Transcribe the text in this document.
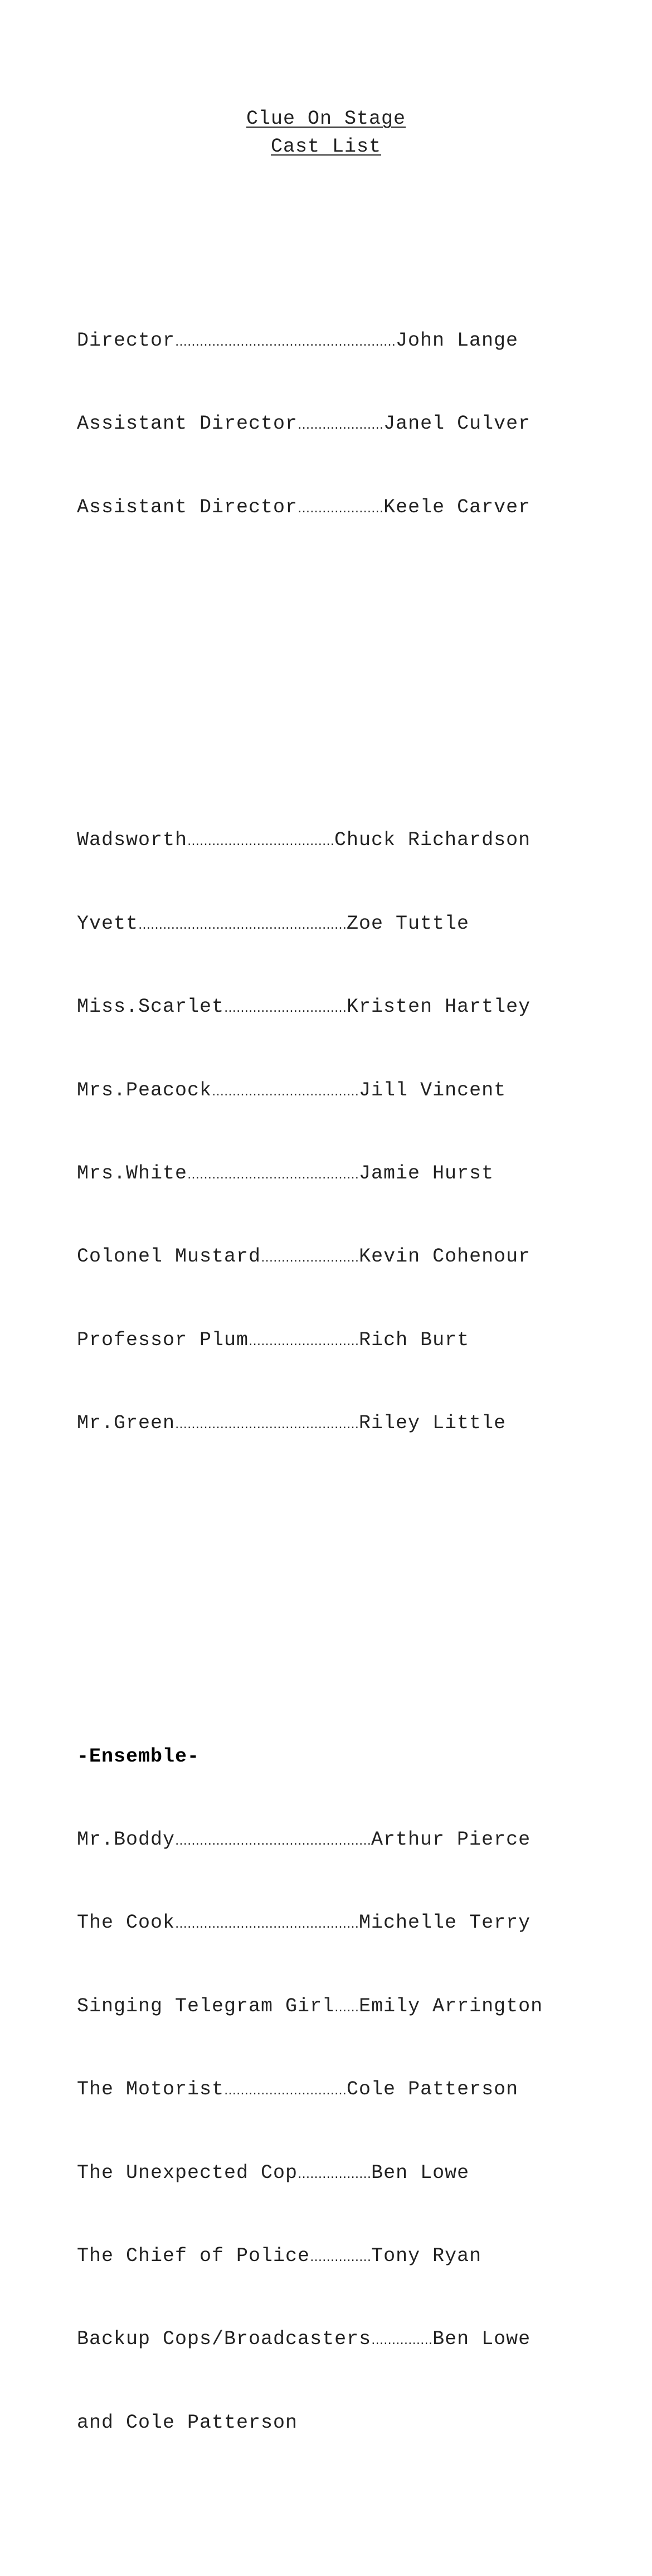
Clue On Stage
Cast List

Director………………………………………………John Lange

Assistant Director…………………Janel Culver

Assistant Director…………………Keele Carver

Wadsworth………………………………Chuck Richardson

Yvett……………………………………………Zoe Tuttle

Miss.Scarlet…………………………Kristen Hartley

Mrs.Peacock………………………………Jill Vincent

Mrs.White……………………………………Jamie Hurst

Colonel Mustard……………………Kevin Cohenour

Professor Plum………………………Rich Burt

Mr.Green………………………………………Riley Little

-Ensemble-

Mr.Boddy…………………………………………Arthur Pierce

The Cook………………………………………Michelle Terry

Singing Telegram Girl……Emily Arrington

The Motorist…………………………Cole Patterson

The Unexpected Cop………………Ben Lowe

The Chief of Police……………Tony Ryan

Backup Cops/Broadcasters……………Ben Lowe

and Cole Patterson
